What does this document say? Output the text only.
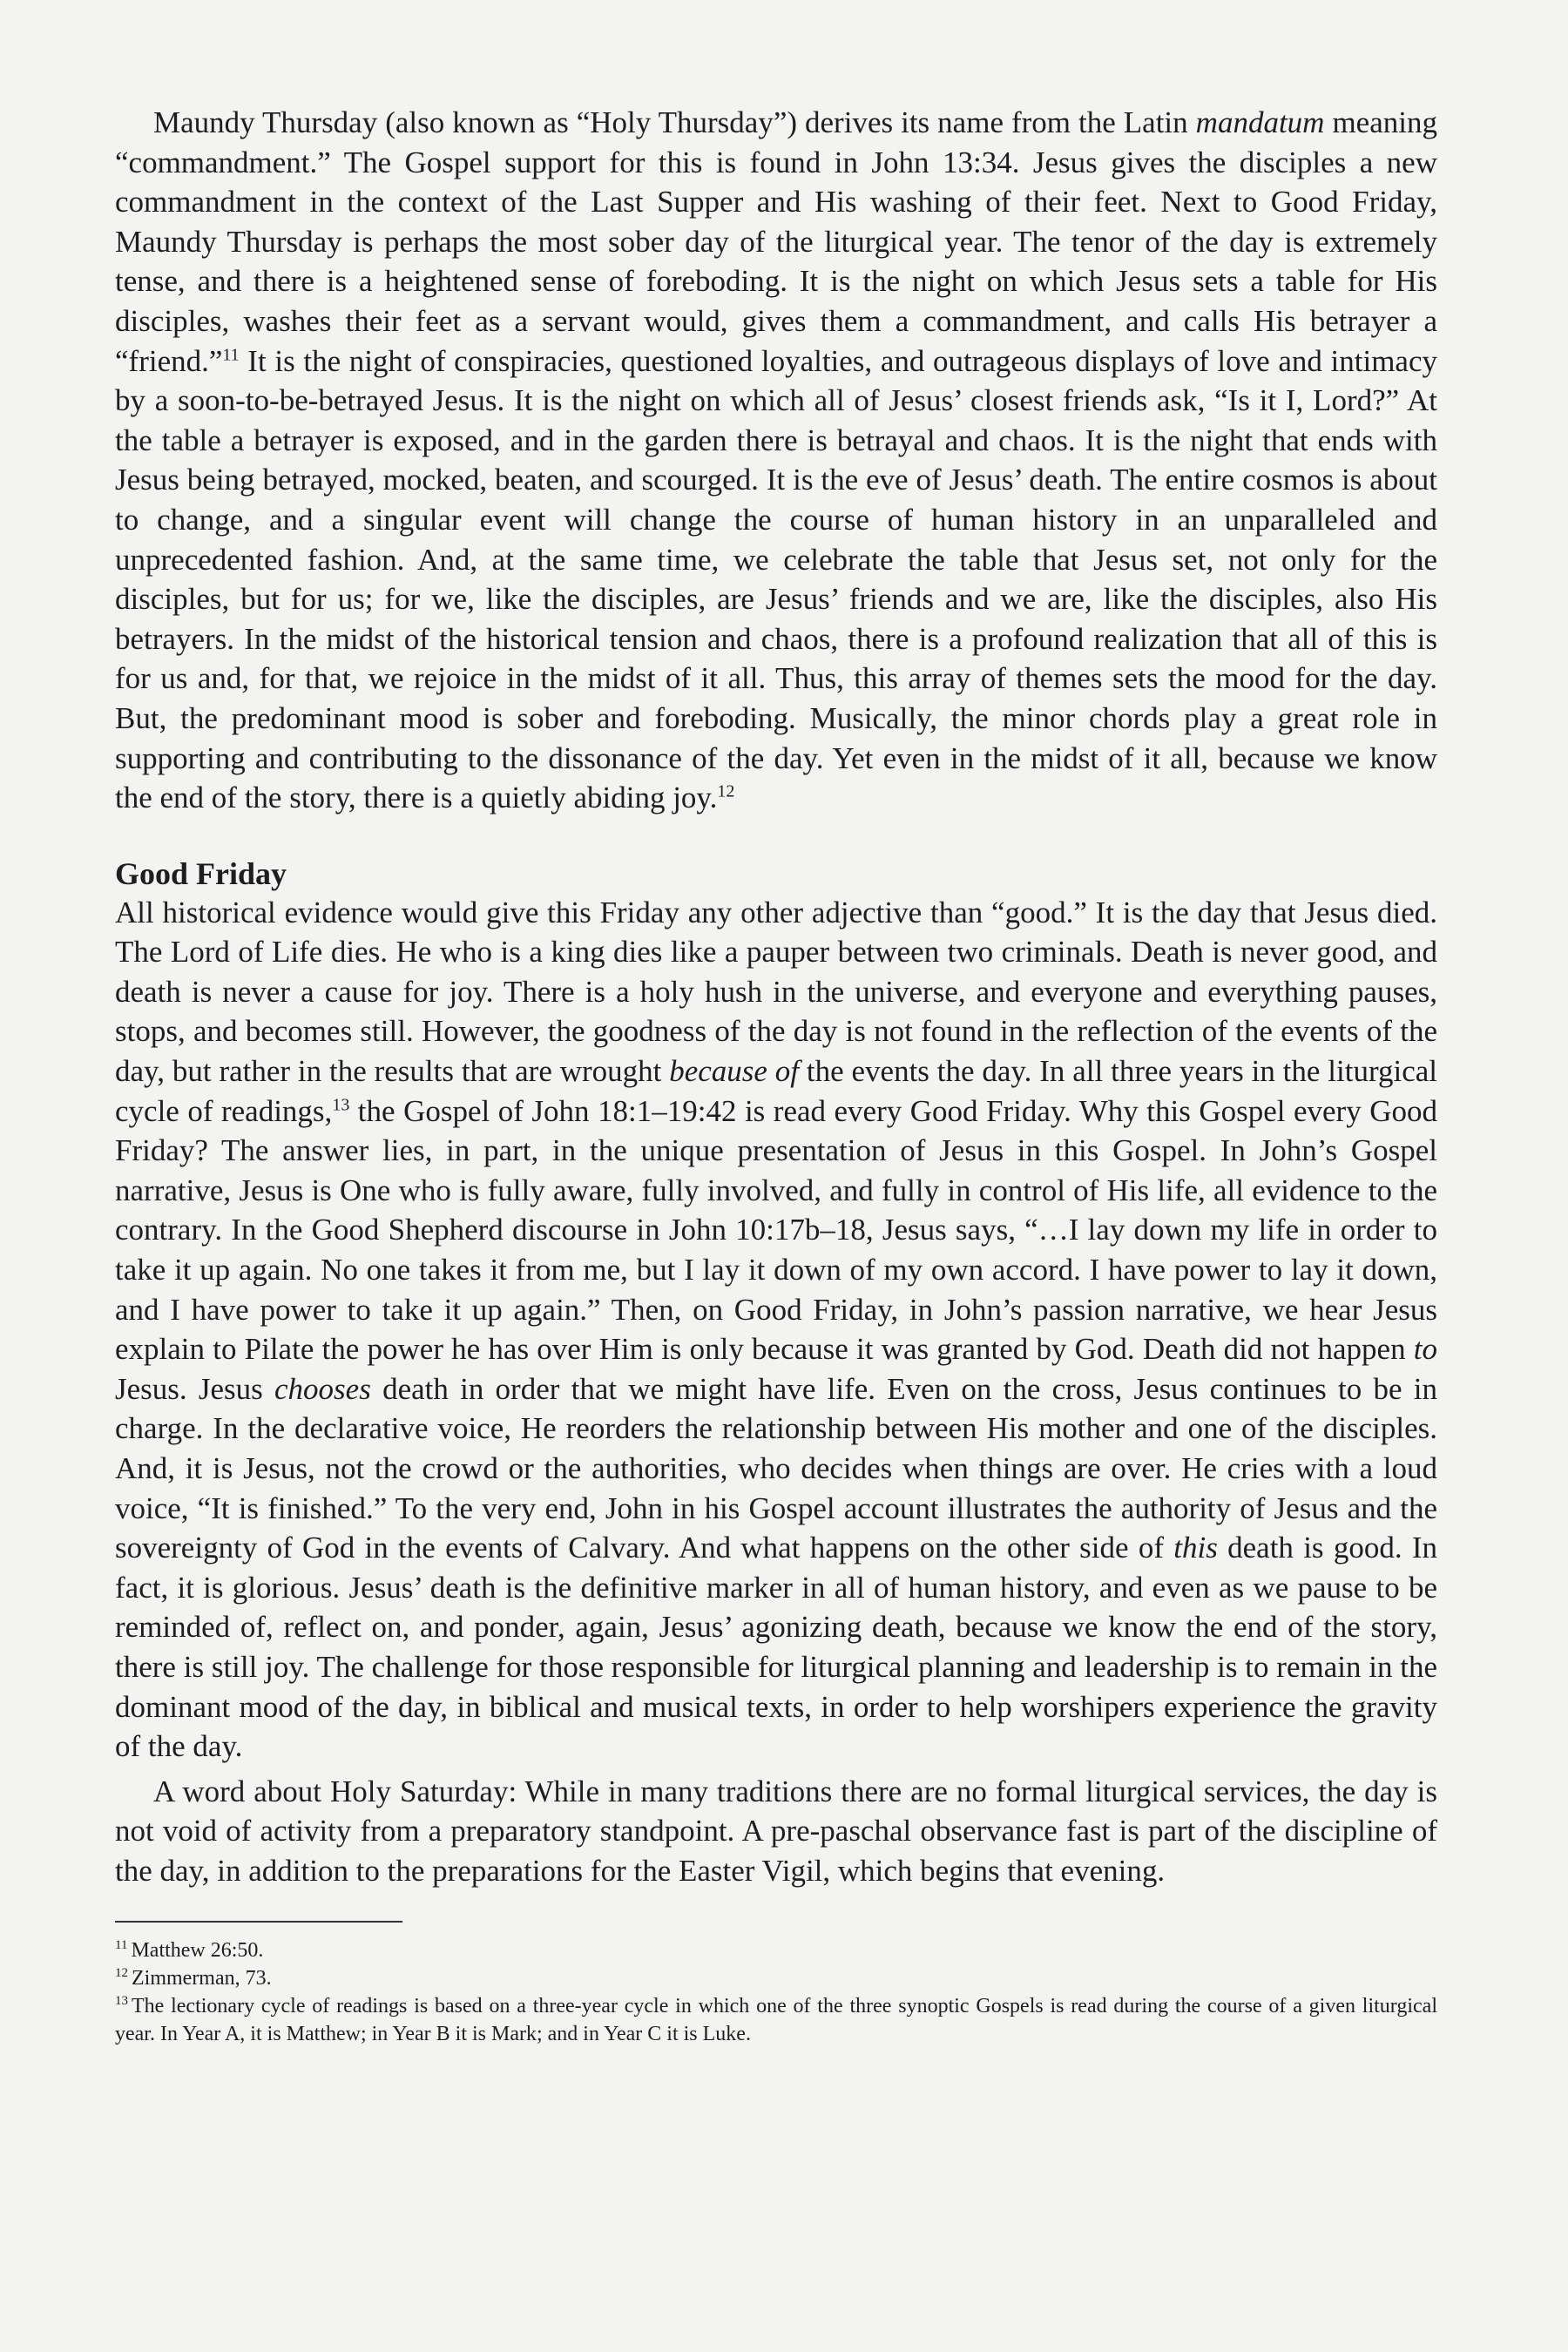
Maundy Thursday (also known as “Holy Thursday”) derives its name from the Latin mandatum meaning “commandment.” The Gospel support for this is found in John 13:34. Jesus gives the disciples a new commandment in the context of the Last Supper and His washing of their feet. Next to Good Friday, Maundy Thursday is perhaps the most sober day of the liturgical year. The tenor of the day is extremely tense, and there is a heightened sense of foreboding. It is the night on which Jesus sets a table for His disciples, washes their feet as a servant would, gives them a commandment, and calls His betrayer a “friend.”$^{11}$ It is the night of conspiracies, questioned loyalties, and outrageous displays of love and intimacy by a soon-to-be-betrayed Jesus. It is the night on which all of Jesus’ closest friends ask, “Is it I, Lord?” At the table a betrayer is exposed, and in the garden there is betrayal and chaos. It is the night that ends with Jesus being betrayed, mocked, beaten, and scourged. It is the eve of Jesus’ death. The entire cosmos is about to change, and a singular event will change the course of human history in an unparalleled and unprecedented fashion. And, at the same time, we celebrate the table that Jesus set, not only for the disciples, but for us; for we, like the disciples, are Jesus’ friends and we are, like the disciples, also His betrayers. In the midst of the historical tension and chaos, there is a profound realization that all of this is for us and, for that, we rejoice in the midst of it all. Thus, this array of themes sets the mood for the day. But, the predominant mood is sober and foreboding. Musically, the minor chords play a great role in supporting and contributing to the dissonance of the day. Yet even in the midst of it all, because we know the end of the story, there is a quietly abiding joy.$^{12}$

Good Friday

All historical evidence would give this Friday any other adjective than “good.” It is the day that Jesus died. The Lord of Life dies. He who is a king dies like a pauper between two criminals. Death is never good, and death is never a cause for joy. There is a holy hush in the universe, and everyone and everything pauses, stops, and becomes still. However, the goodness of the day is not found in the reflection of the events of the day, but rather in the results that are wrought because of the events the day. In all three years in the liturgical cycle of readings,$^{13}$ the Gospel of John 18:1–19:42 is read every Good Friday. Why this Gospel every Good Friday? The answer lies, in part, in the unique presentation of Jesus in this Gospel. In John’s Gospel narrative, Jesus is One who is fully aware, fully involved, and fully in control of His life, all evidence to the contrary. In the Good Shepherd discourse in John 10:17b–18, Jesus says, “…I lay down my life in order to take it up again. No one takes it from me, but I lay it down of my own accord. I have power to lay it down, and I have power to take it up again.” Then, on Good Friday, in John’s passion narrative, we hear Jesus explain to Pilate the power he has over Him is only because it was granted by God. Death did not happen to Jesus. Jesus chooses death in order that we might have life. Even on the cross, Jesus continues to be in charge. In the declarative voice, He reorders the relationship between His mother and one of the disciples. And, it is Jesus, not the crowd or the authorities, who decides when things are over. He cries with a loud voice, “It is finished.” To the very end, John in his Gospel account illustrates the authority of Jesus and the sovereignty of God in the events of Calvary. And what happens on the other side of this death is good. In fact, it is glorious. Jesus’ death is the definitive marker in all of human history, and even as we pause to be reminded of, reflect on, and ponder, again, Jesus’ agonizing death, because we know the end of the story, there is still joy. The challenge for those responsible for liturgical planning and leadership is to remain in the dominant mood of the day, in biblical and musical texts, in order to help worshipers experience the gravity of the day.

A word about Holy Saturday: While in many traditions there are no formal liturgical services, the day is not void of activity from a preparatory standpoint. A pre-paschal observance fast is part of the discipline of the day, in addition to the preparations for the Easter Vigil, which begins that evening.

$^{11}$ Matthew 26:50.

$^{12}$ Zimmerman, 73.

$^{13}$ The lectionary cycle of readings is based on a three-year cycle in which one of the three synoptic Gospels is read during the course of a given liturgical year. In Year A, it is Matthew; in Year B it is Mark; and in Year C it is Luke.
